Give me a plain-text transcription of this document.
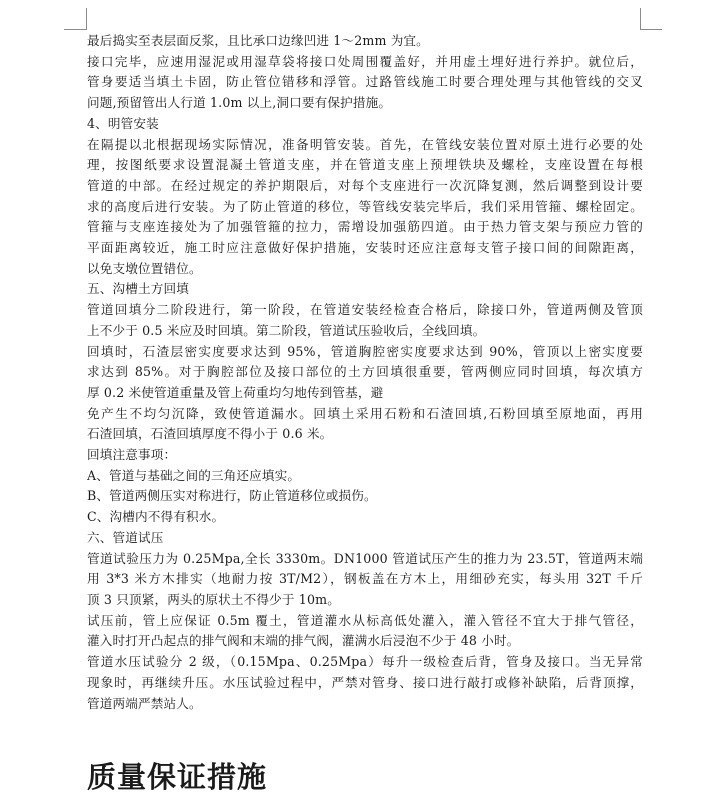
最后捣实至表层面反浆，且比承口边缘凹进 1～2mm 为宜。

接口完毕，应速用湿泥或用湿草袋将接口处周围覆盖好，并用虚土埋好进行养护。就位后，

管身要适当填土卡固，防止管位错移和浮管。过路管线施工时要合理处理与其他管线的交叉

问题,预留管出人行道 1.0m 以上,洞口要有保护措施。

4、明管安装

在隔提以北根据现场实际情况，准备明管安装。首先，在管线安装位置对原土进行必要的处

理，按图纸要求设置混凝土管道支座，并在管道支座上预埋铁块及螺栓，支座设置在每根

管道的中部。在经过规定的养护期限后，对每个支座进行一次沉降复测，然后调整到设计要

求的高度后进行安装。为了防止管道的移位，等管线安装完毕后，我们采用管箍、螺栓固定。

管箍与支座连接处为了加强管箍的拉力，需增设加强筋四道。由于热力管支架与预应力管的

平面距离较近，施工时应注意做好保护措施，安装时还应注意每支管子接口间的间隙距离，

以免支墩位置错位。

五、沟槽土方回填

管道回填分二阶段进行，第一阶段，在管道安装经检查合格后，除接口外，管道两侧及管顶

上不少于 0.5 米应及时回填。第二阶段，管道试压验收后，全线回填。

回填时，石渣层密实度要求达到 95%，管道胸腔密实度要求达到 90%，管顶以上密实度要

求达到 85%。对于胸腔部位及接口部位的土方回填很重要，管两侧应同时回填，每次填方

厚 0.2 米使管道重量及管上荷重均匀地传到管基，避

免产生不均匀沉降，致使管道漏水。回填土采用石粉和石渣回填,石粉回填至原地面，再用

石渣回填，石渣回填厚度不得小于 0.6 米。

回填注意事项：

A、管道与基础之间的三角还应填实。

B、管道两侧压实对称进行，防止管道移位或损伤。

C、沟槽内不得有积水。

六、管道试压

管道试验压力为 0.25Mpa,全长 3330m。DN1000 管道试压产生的推力为 23.5T，管道两末端

用 3*3 米方木排实（地耐力按 3T/M2），钢板盖在方木上，用细砂充实，每头用 32T 千斤

顶 3 只顶紧，两头的原状土不得少于 10m。

试压前，管上应保证 0.5m 覆土，管道灌水从标高低处灌入，灌入管径不宜大于排气管径，

灌入时打开凸起点的排气阀和末端的排气阀，灌满水后浸泡不少于 48 小时。

管道水压试验分 2 级，（0.15Mpa、0.25Mpa）每升一级检查后背，管身及接口。当无异常

现象时，再继续升压。水压试验过程中，严禁对管身、接口进行敲打或修补缺陷，后背顶撑，

管道两端严禁站人。

质量保证措施
